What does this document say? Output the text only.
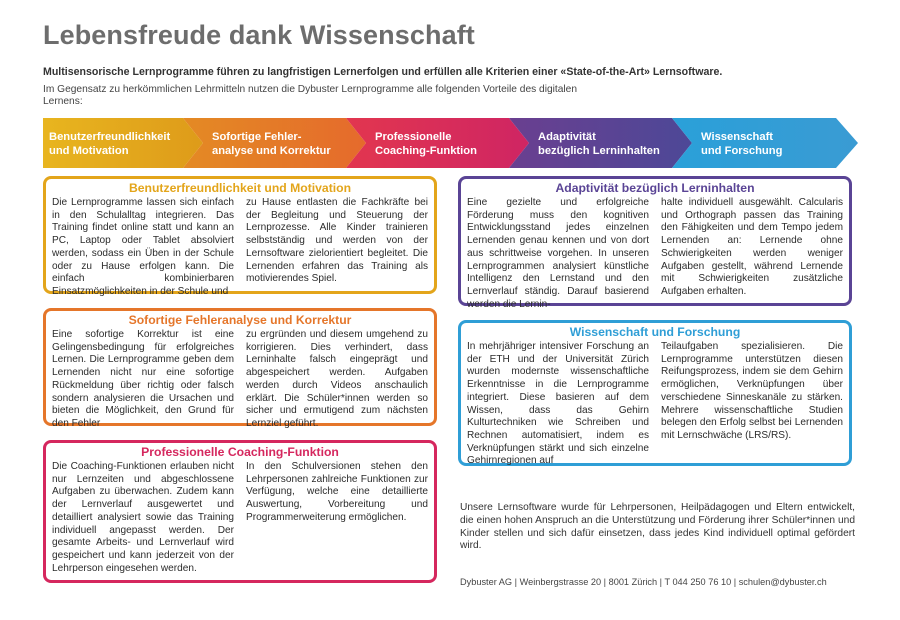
Lebensfreude dank Wissenschaft
Multisensorische Lernprogramme führen zu langfristigen Lernerfolgen und erfüllen alle Kriterien einer «State-of-the-Art» Lernsoftware.
Im Gegensatz zu herkömmlichen Lehrmitteln nutzen die Dybuster Lernprogramme alle folgenden Vorteile des digitalen Lernens:
Benutzerfreundlichkeit
und Motivation
Sofortige Fehler-
analyse und Korrektur
Professionelle
Coaching-Funktion
Adaptivität
bezüglich Lerninhalten
Wissenschaft
und Forschung
Benutzerfreundlichkeit und Motivation
Die Lernprogramme lassen sich einfach in den Schulalltag integrieren. Das Training findet online statt und kann an PC, Laptop oder Tablet absolviert werden, sodass ein Üben in der Schule oder zu Hause erfolgen kann. Die einfach kombinierbaren Einsatzmöglichkeiten in der Schule und
zu Hause entlasten die Fachkräfte bei der Begleitung und Steuerung der Lernprozesse. Alle Kinder trainieren selbstständig und werden von der Lernsoftware zielorientiert begleitet. Die Lernenden erfahren das Training als motivierendes Spiel.
Sofortige Fehleranalyse und Korrektur
Eine sofortige Korrektur ist eine Gelingensbedingung für erfolgreiches Lernen. Die Lernprogramme geben dem Lernenden nicht nur eine sofortige Rückmeldung über richtig oder falsch sondern analysieren die Ursachen und bieten die Möglichkeit, den Grund für den Fehler
zu ergründen und diesem umgehend zu korrigieren. Dies verhindert, dass Lerninhalte falsch eingeprägt und abgespeichert werden. Aufgaben werden durch Videos anschaulich erklärt. Die Schüler*innen werden so sicher und ermutigend zum nächsten Lernziel geführt.
Professionelle Coaching-Funktion
Die Coaching-Funktionen erlauben nicht nur Lernzeiten und abgeschlossene Aufgaben zu überwachen. Zudem kann der Lernverlauf ausgewertet und detailliert analysiert sowie das Training individuell angepasst werden. Der gesamte Arbeits- und Lernverlauf wird gespeichert und kann jederzeit von der Lehrperson eingesehen werden.
In den Schulversionen stehen den Lehrpersonen zahlreiche Funktionen zur Verfügung, welche eine detaillierte Auswertung, Vorbereitung und Programmerweiterung ermöglichen.
Adaptivität bezüglich Lerninhalten
Eine gezielte und erfolgreiche Förderung muss den kognitiven Entwicklungsstand jedes einzelnen Lernenden genau kennen und von dort aus schrittweise vorgehen. In unseren Lernprogrammen analysiert künstliche Intelligenz den Lernstand und den Lernverlauf ständig. Darauf basierend werden die Lernin-
halte individuell ausgewählt. Calcularis und Orthograph passen das Training den Fähigkeiten und dem Tempo jedem Lernenden an: Lernende ohne Schwierigkeiten werden weniger Aufgaben gestellt, während Lernende mit Schwierigkeiten zusätzliche Aufgaben erhalten.
Wissenschaft und Forschung
In mehrjähriger intensiver Forschung an der ETH und der Universität Zürich wurden modernste wissenschaftliche Erkenntnisse in die Lernprogramme integriert. Diese basieren auf dem Wissen, dass das Gehirn Kulturtechniken wie Schreiben und Rechnen automatisiert, indem es Verknüpfungen stärkt und sich einzelne Gehirnregionen auf
Teilaufgaben spezialisieren. Die Lernprogramme unterstützen diesen Reifungsprozess, indem sie dem Gehirn ermöglichen, Verknüpfungen über verschiedene Sinneskanäle zu stärken. Mehrere wissenschaftliche Studien belegen den Erfolg selbst bei Lernenden mit Lernschwäche (LRS/RS).
Unsere Lernsoftware wurde für Lehrpersonen, Heilpädagogen und Eltern entwickelt, die einen hohen Anspruch an die Unterstützung und Förderung ihrer Schüler*innen und Kinder stellen und sich dafür einsetzen, dass jedes Kind individuell optimal gefördert wird.
Dybuster AG | Weinbergstrasse 20 | 8001 Zürich | T 044 250 76 10 | schulen@dybuster.ch
